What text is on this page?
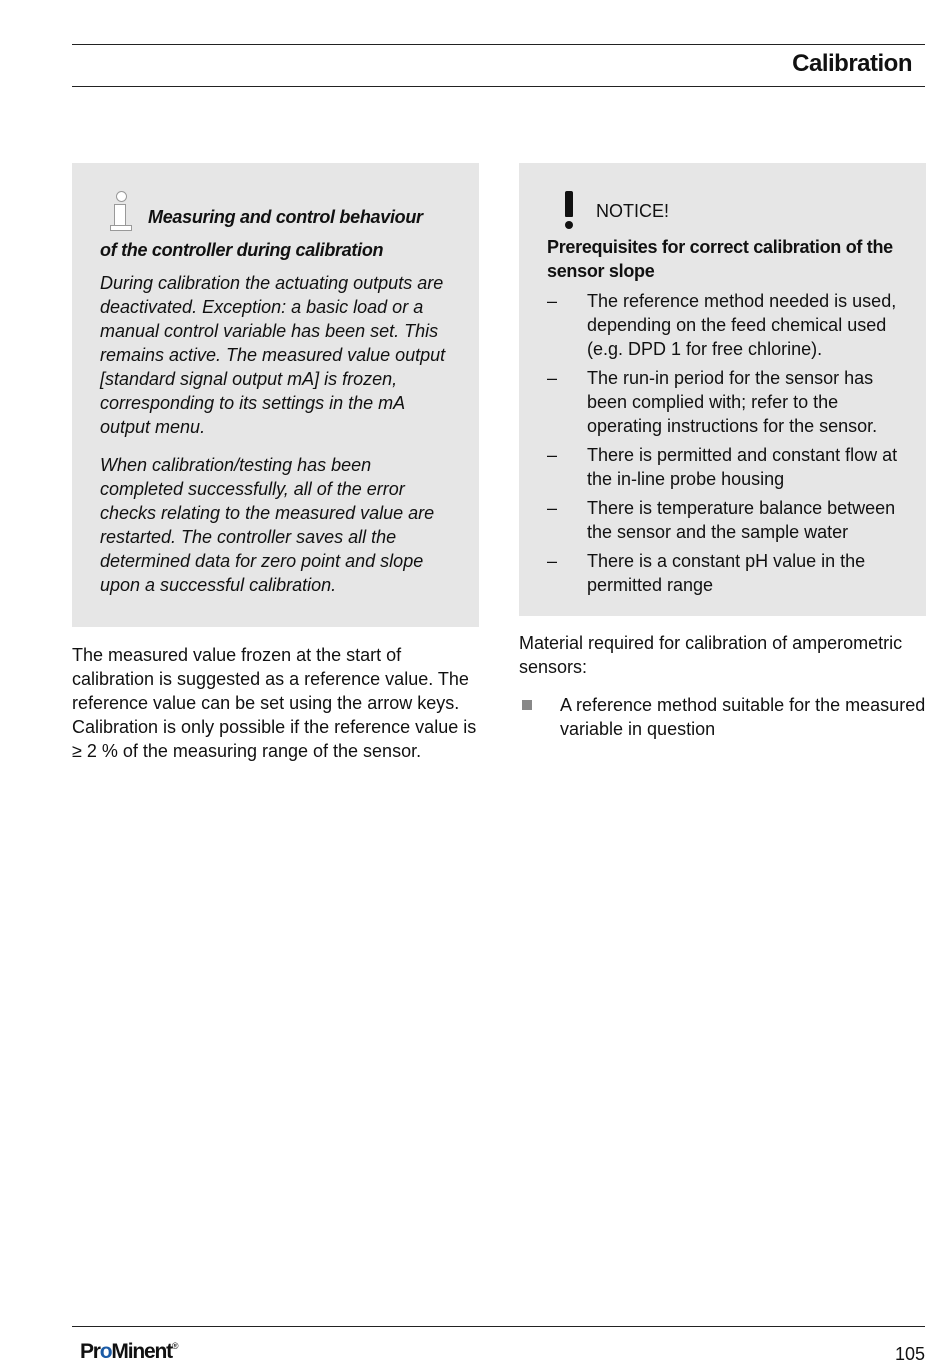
Calibration
Measuring and control behaviour
of the controller during calibration

During calibration the actuating outputs are deactivated. Exception: a basic load or a manual control variable has been set. This remains active. The measured value output [standard signal output mA] is frozen, corresponding to its settings in the mA output menu.

When calibration/testing has been completed successfully, all of the error checks relating to the measured value are restarted. The controller saves all the determined data for zero point and slope upon a successful calibration.

The measured value frozen at the start of calibration is suggested as a reference value. The reference value can be set using the arrow keys. Calibration is only possible if the reference value is ≥ 2 % of the measuring range of the sensor.

NOTICE!
Prerequisites for correct calibration of the sensor slope
– The reference method needed is used, depending on the feed chemical used (e.g. DPD 1 for free chlorine).
– The run-in period for the sensor has been complied with; refer to the operating instructions for the sensor.
– There is permitted and constant flow at the in-line probe housing
– There is temperature balance between the sensor and the sample water
– There is a constant pH value in the permitted range

Material required for calibration of amperometric sensors:

A reference method suitable for the measured variable in question
ProMinent®	105
